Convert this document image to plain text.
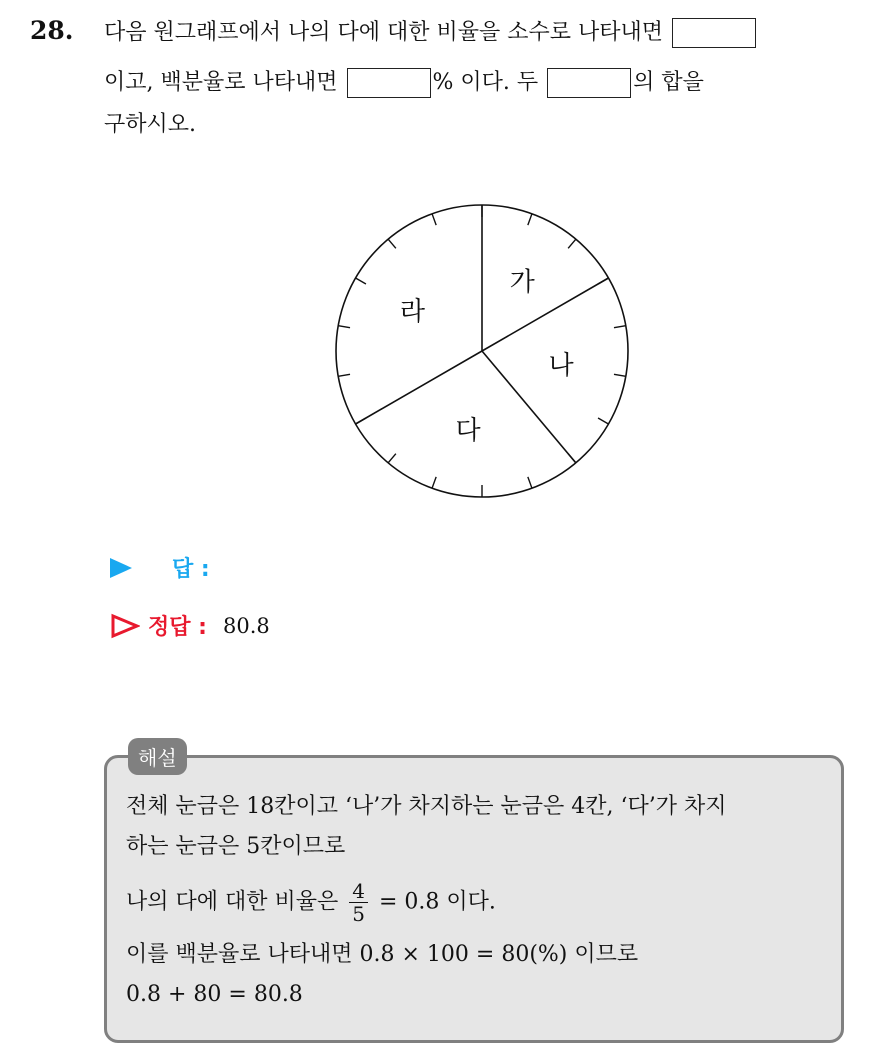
28. 다음 원그래프에서 나의 다에 대한 비율을 소수로 나타내면
이고, 백분율로 나타내면	% 이다. 두	의 합을
구하시오.
가
나
다
라
답 :
정답 : 80.8
해설
전체 눈금은 18칸이고 ‘나’가 차지하는 눈금은 4칸, ‘다’가 차지
하는 눈금은 5칸이므로
나의 다에 대한 비율은 $\frac{4}{5} = 0.8$ 이다.
이를 백분율로 나타내면 0.8 × 100 = 80(%) 이므로
0.8 + 80 = 80.8
